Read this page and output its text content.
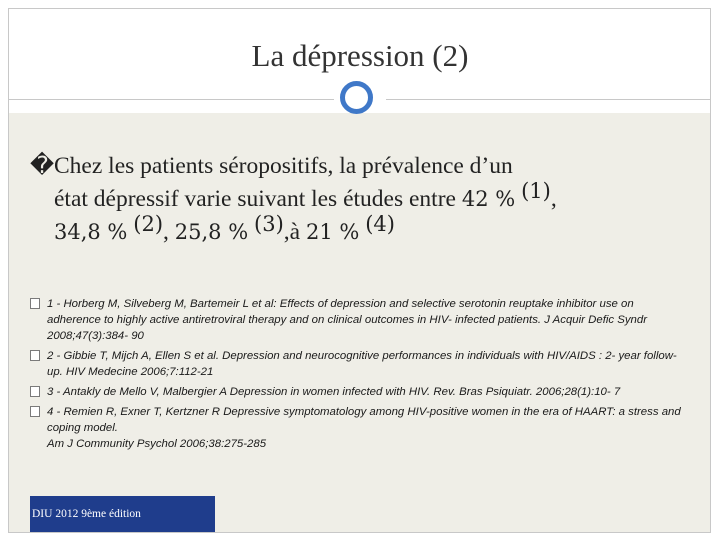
La dépression (2)
�Chez les patients séropositifs, la prévalence d’un
état dépressif varie suivant les études entre 42 % $^{(1)}$,
34,8 % $^{(2)}$, 25,8 % $^{(3)}$,à 21 % $^{(4)}$
1 - Horberg M, Silveberg M, Bartemeir L et al: Effects of depression and selective serotonin reuptake inhibitor use on adherence to highly active antiretroviral therapy and on clinical outcomes in HIV- infected patients. J Acquir Defic Syndr 2008;47(3):384- 90
2 - Gibbie T, Mijch A, Ellen S et al. Depression and neurocognitive performances in individuals with HIV/AIDS : 2- year follow-up. HIV Medecine 2006;7:112-21
3 - Antakly de Mello V, Malbergier A Depression in women infected with HIV. Rev. Bras Psiquiatr. 2006;28(1):10- 7
4 - Remien R, Exner T, Kertzner R Depressive symptomatology among HIV-positive women in the era of HAART: a stress and coping model.
Am J Community Psychol 2006;38:275-285
DIU 2012 9ème édition
